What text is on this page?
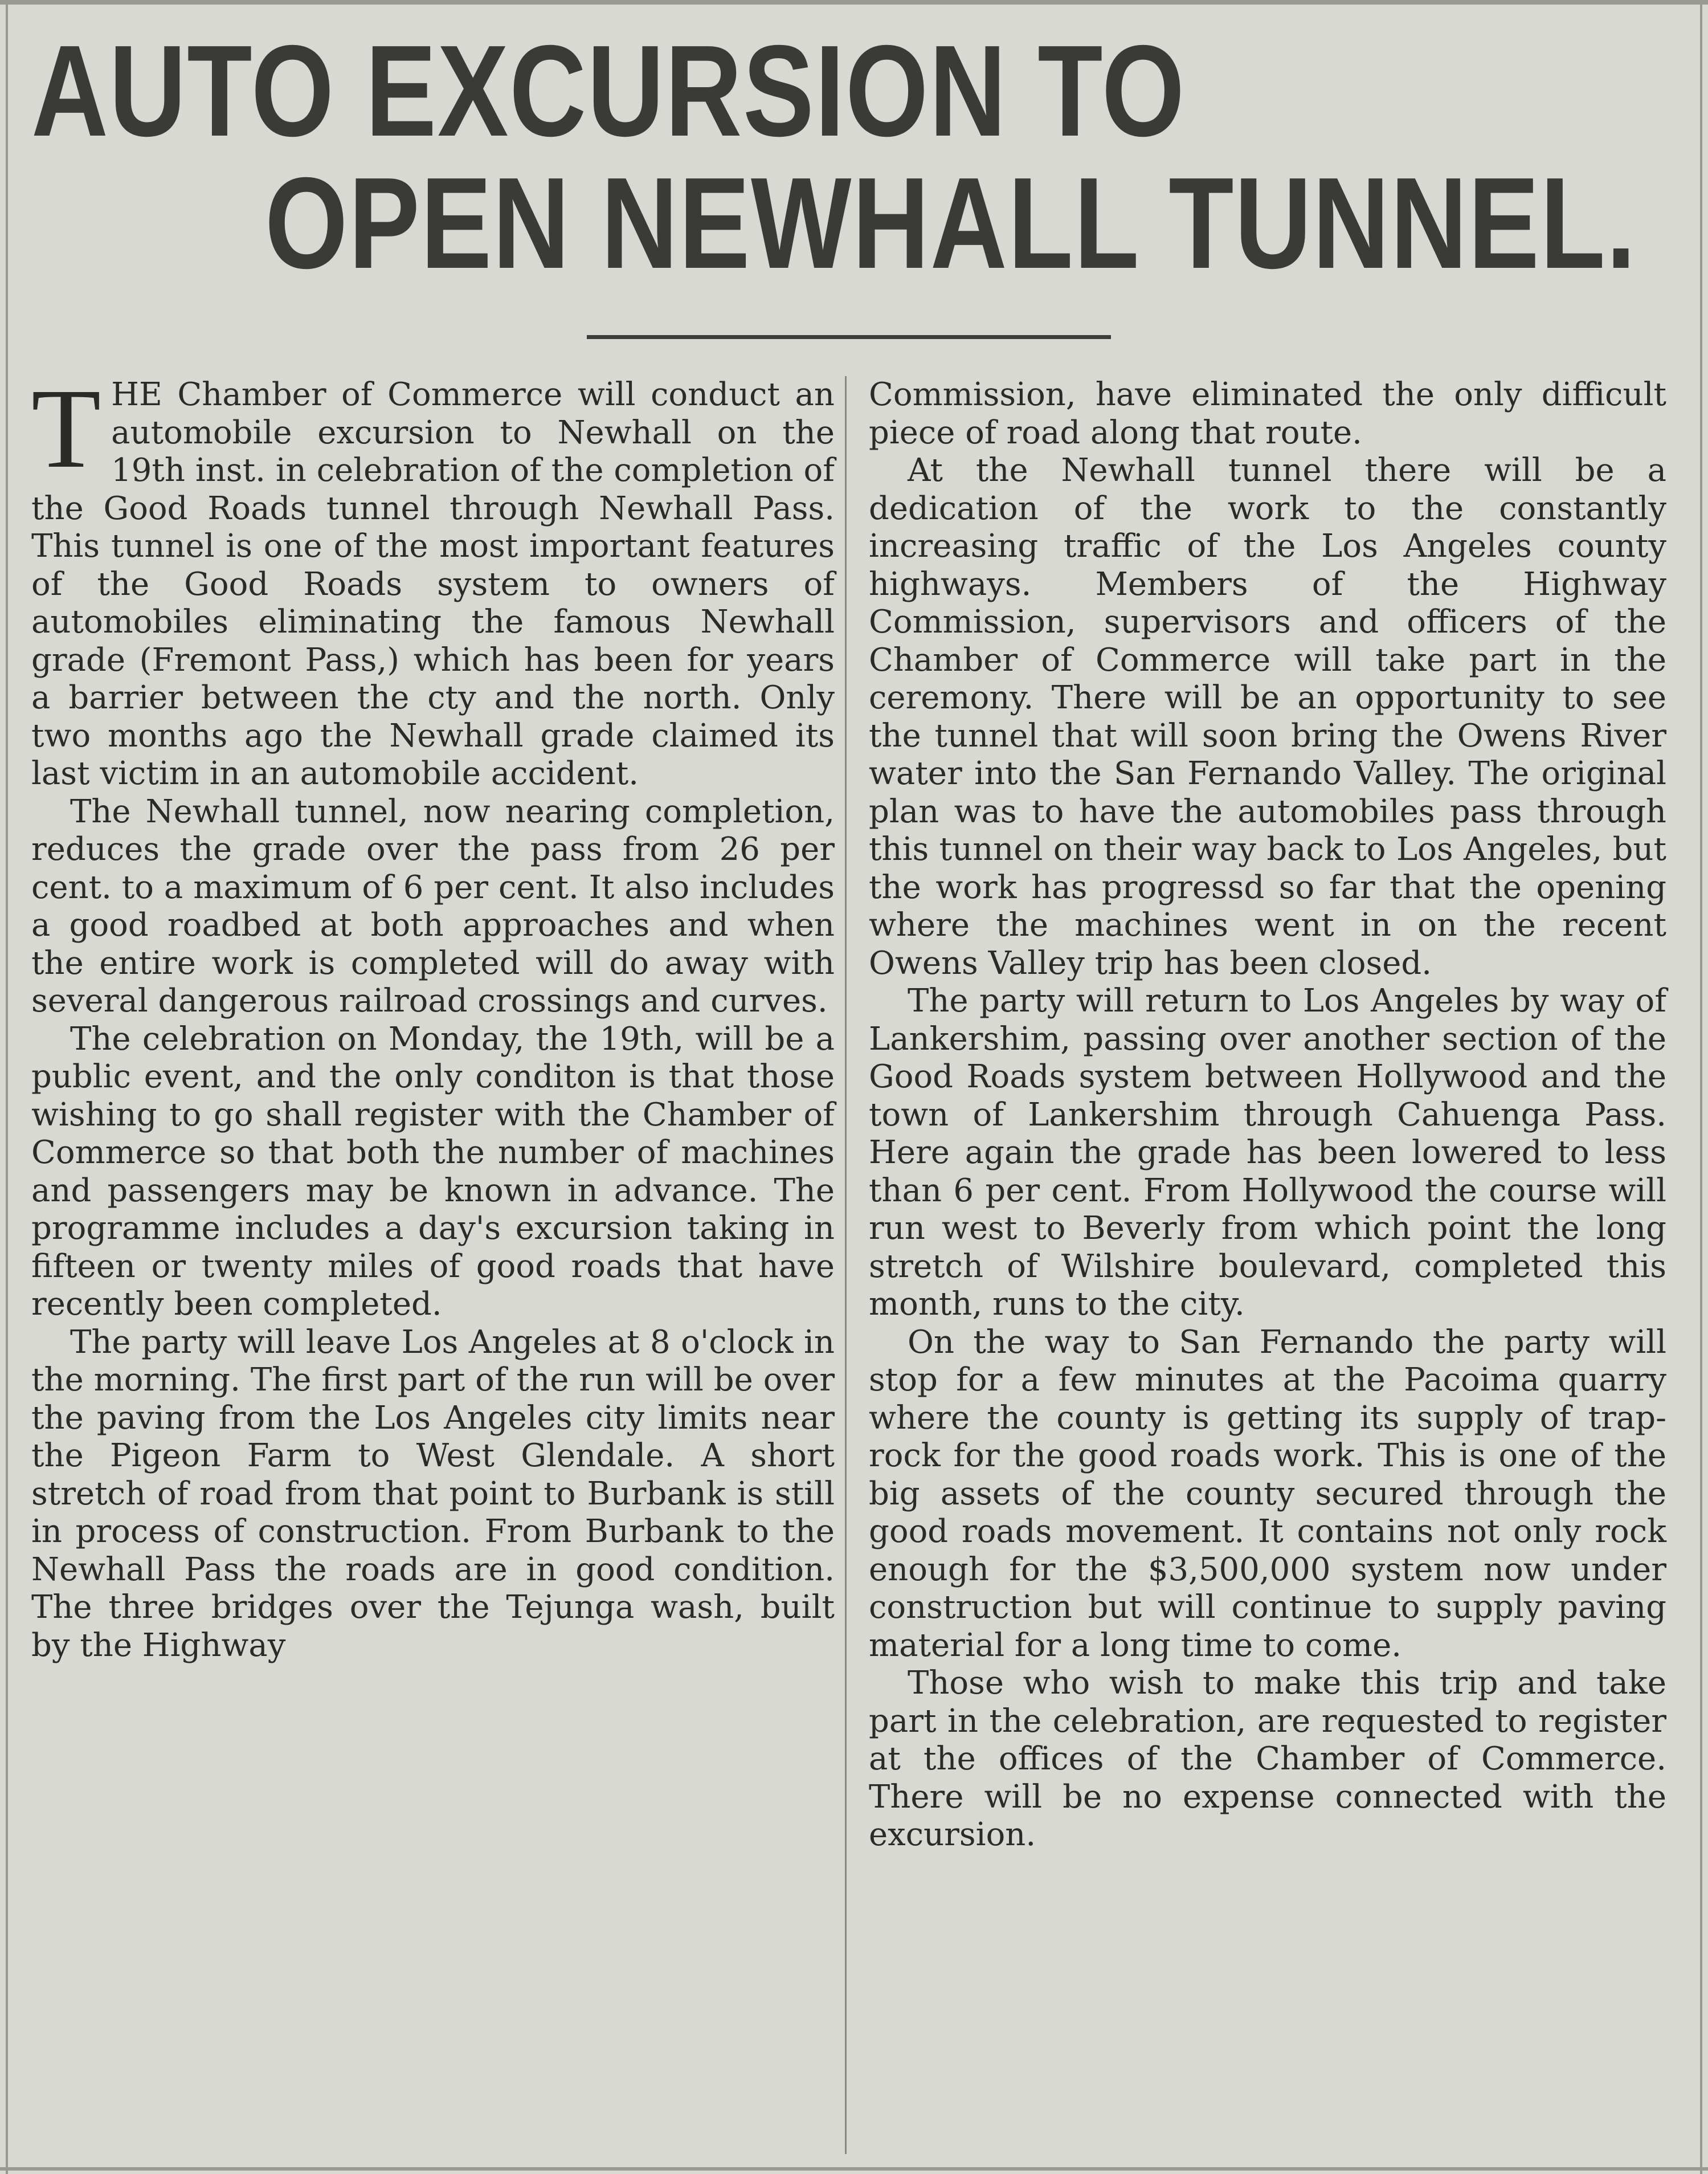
AUTO EXCURSION TO
OPEN NEWHALL TUNNEL.

THE Chamber of Commerce will conduct an automobile excursion to Newhall on the 19th inst. in celebration of the completion of the Good Roads tunnel through Newhall Pass. This tunnel is one of the most important features of the Good Roads system to owners of automobiles eliminating the famous Newhall grade (Fremont Pass,) which has been for years a barrier between the cty and the north. Only two months ago the Newhall grade claimed its last victim in an automobile accident.

The Newhall tunnel, now nearing completion, reduces the grade over the pass from 26 per cent. to a maximum of 6 per cent. It also includes a good roadbed at both approaches and when the entire work is completed will do away with several dangerous railroad crossings and curves.

The celebration on Monday, the 19th, will be a public event, and the only conditon is that those wishing to go shall register with the Chamber of Commerce so that both the number of machines and passengers may be known in advance. The programme includes a day's excursion taking in fifteen or twenty miles of good roads that have recently been completed.

The party will leave Los Angeles at 8 o'clock in the morning. The first part of the run will be over the paving from the Los Angeles city limits near the Pigeon Farm to West Glendale. A short stretch of road from that point to Burbank is still in process of construction. From Burbank to the Newhall Pass the roads are in good condition. The three bridges over the Tejunga wash, built by the Highway

Commission, have eliminated the only difficult piece of road along that route.

At the Newhall tunnel there will be a dedication of the work to the constantly increasing traffic of the Los Angeles county highways. Members of the Highway Commission, supervisors and officers of the Chamber of Commerce will take part in the ceremony. There will be an opportunity to see the tunnel that will soon bring the Owens River water into the San Fernando Valley. The original plan was to have the automobiles pass through this tunnel on their way back to Los Angeles, but the work has progressd so far that the opening where the machines went in on the recent Owens Valley trip has been closed.

The party will return to Los Angeles by way of Lankershim, passing over another section of the Good Roads system between Hollywood and the town of Lankershim through Cahuenga Pass. Here again the grade has been lowered to less than 6 per cent. From Hollywood the course will run west to Beverly from which point the long stretch of Wilshire boulevard, completed this month, runs to the city.

On the way to San Fernando the party will stop for a few minutes at the Pacoima quarry where the county is getting its supply of trap-rock for the good roads work. This is one of the big assets of the county secured through the good roads movement. It contains not only rock enough for the $3,500,000 system now under construction but will continue to supply paving material for a long time to come.

Those who wish to make this trip and take part in the celebration, are requested to register at the offices of the Chamber of Commerce. There will be no expense connected with the excursion.
